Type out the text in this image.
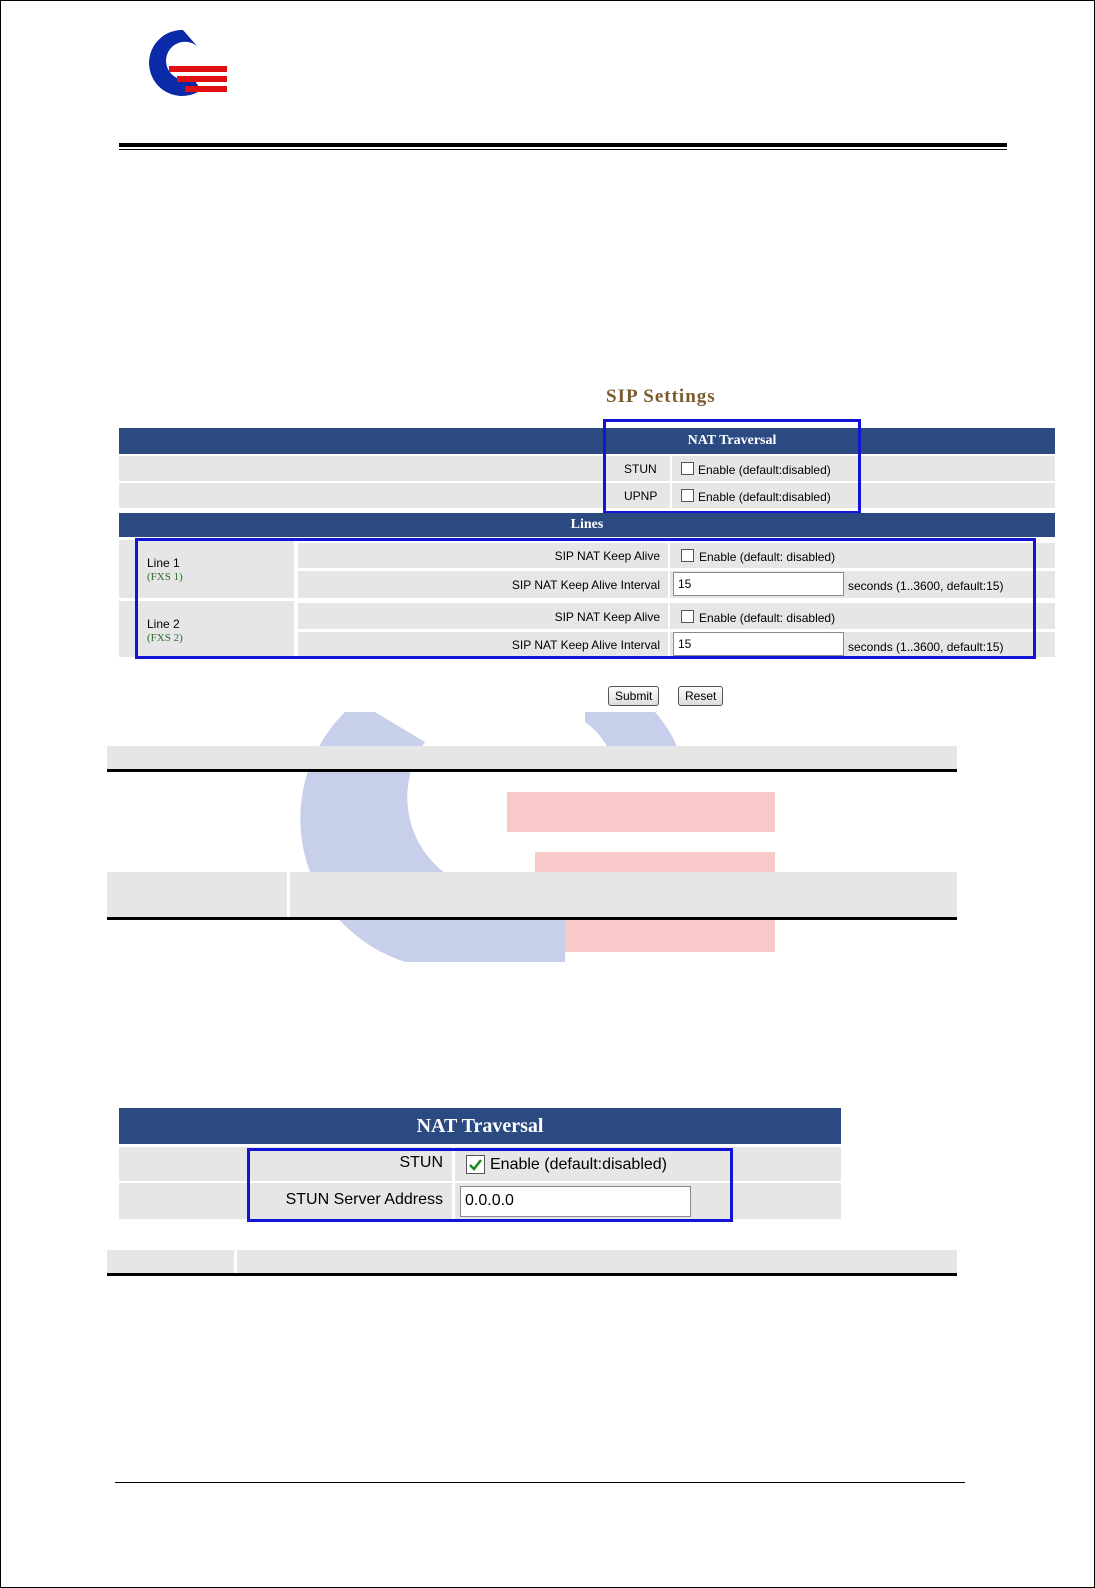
SIP Settings
NAT Traversal
STUN	Enable (default:disabled)
UPNP	Enable (default:disabled)
Lines
Line 1
(FXS 1)
SIP NAT Keep Alive	Enable (default: disabled)
SIP NAT Keep Alive Interval	15	seconds (1..3600, default:15)
Line 2
(FXS 2)
SIP NAT Keep Alive	Enable (default: disabled)
SIP NAT Keep Alive Interval	15	seconds (1..3600, default:15)
Submit	Reset
NAT Traversal
STUN	Enable (default:disabled)
STUN Server Address	0.0.0.0
